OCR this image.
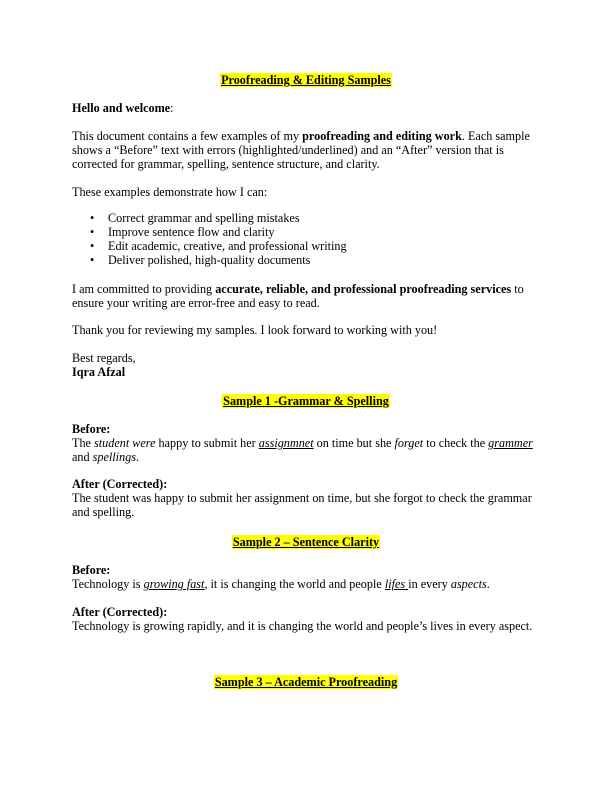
Proofreading & Editing Samples
Hello and welcome:
This document contains a few examples of my proofreading and editing work. Each sample
shows a “Before” text with errors (highlighted/underlined) and an “After” version that is
corrected for grammar, spelling, sentence structure, and clarity.
These examples demonstrate how I can:
• Correct grammar and spelling mistakes
• Improve sentence flow and clarity
• Edit academic, creative, and professional writing
• Deliver polished, high-quality documents
I am committed to providing accurate, reliable, and professional proofreading services to
ensure your writing are error-free and easy to read.
Thank you for reviewing my samples. I look forward to working with you!
Best regards,
Iqra Afzal
Sample 1 -Grammar & Spelling
Before:
The student were happy to submit her assignmnet on time but she forget to check the grammer
and spellings.
After (Corrected):
The student was happy to submit her assignment on time, but she forgot to check the grammar
and spelling.
Sample 2 – Sentence Clarity
Before:
Technology is growing fast, it is changing the world and people lifes in every aspects.
After (Corrected):
Technology is growing rapidly, and it is changing the world and people’s lives in every aspect.
Sample 3 – Academic Proofreading
